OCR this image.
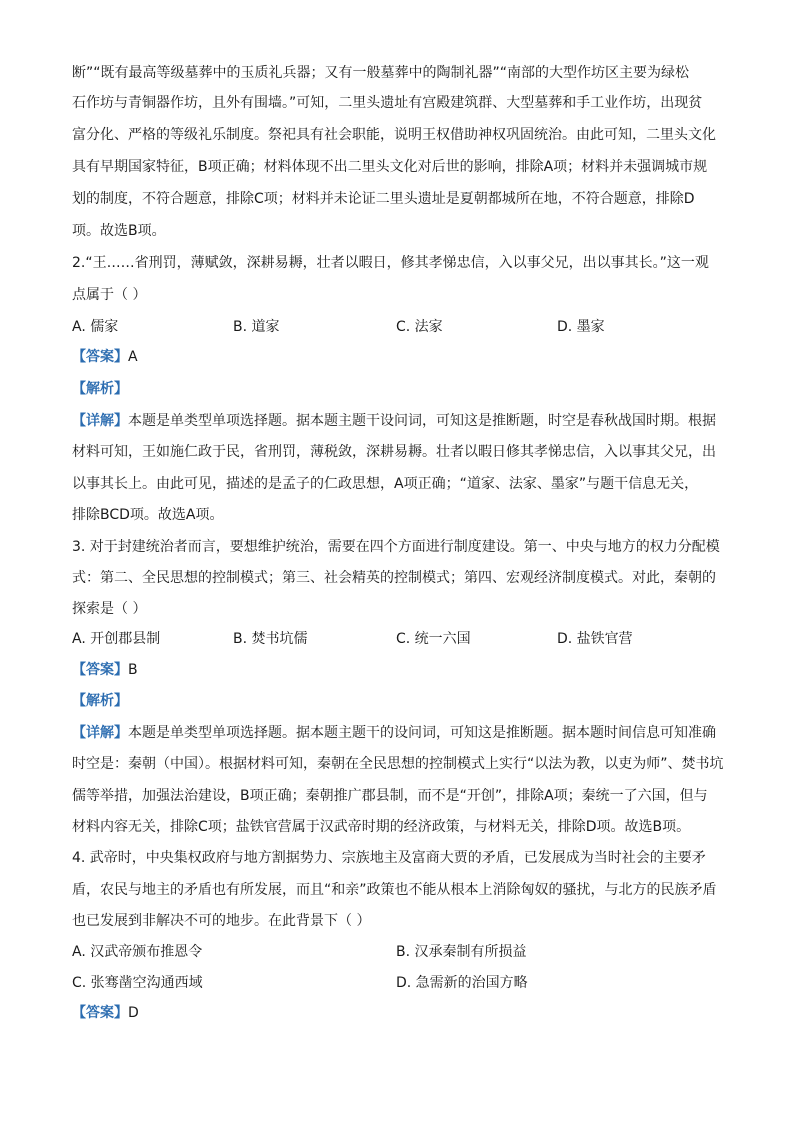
断”“既有最高等级墓葬中的玉质礼兵器；又有一般墓葬中的陶制礼器”“南部的大型作坊区主要为绿松
石作坊与青铜器作坊，且外有围墙。”可知，二里头遗址有宫殿建筑群、大型墓葬和手工业作坊，出现贫
富分化、严格的等级礼乐制度。祭祀具有社会职能，说明王权借助神权巩固统治。由此可知，二里头文化
具有早期国家特征，B项正确；材料体现不出二里头文化对后世的影响，排除A项；材料并未强调城市规
划的制度，不符合题意，排除C项；材料并未论证二里头遗址是夏朝都城所在地，不符合题意，排除D
项。故选B项。
2.“王……省刑罚，薄赋敛，深耕易耨，壮者以暇日，修其孝悌忠信，入以事父兄，出以事其长。”这一观
点属于（ ）
A. 儒家	B. 道家	C. 法家	D. 墨家
【答案】A
【解析】
【详解】本题是单类型单项选择题。据本题主题干设问词，可知这是推断题，时空是春秋战国时期。根据
材料可知，王如施仁政于民，省刑罚，薄税敛，深耕易耨。壮者以暇日修其孝悌忠信，入以事其父兄，出
以事其长上。由此可见，描述的是孟子的仁政思想，A项正确；“道家、法家、墨家”与题干信息无关，
排除BCD项。故选A项。
3. 对于封建统治者而言，要想维护统治，需要在四个方面进行制度建设。第一、中央与地方的权力分配模
式：第二、全民思想的控制模式；第三、社会精英的控制模式；第四、宏观经济制度模式。对此，秦朝的
探索是（ ）
A. 开创郡县制	B. 焚书坑儒	C. 统一六国	D. 盐铁官营
【答案】B
【解析】
【详解】本题是单类型单项选择题。据本题主题干的设问词，可知这是推断题。据本题时间信息可知准确
时空是：秦朝（中国）。根据材料可知，秦朝在全民思想的控制模式上实行“以法为教，以吏为师”、焚书坑
儒等举措，加强法治建设，B项正确；秦朝推广郡县制，而不是“开创”，排除A项；秦统一了六国，但与
材料内容无关，排除C项；盐铁官营属于汉武帝时期的经济政策，与材料无关，排除D项。故选B项。
4. 武帝时，中央集权政府与地方割据势力、宗族地主及富商大贾的矛盾，已发展成为当时社会的主要矛
盾，农民与地主的矛盾也有所发展，而且“和亲”政策也不能从根本上消除匈奴的骚扰，与北方的民族矛盾
也已发展到非解决不可的地步。在此背景下（ ）
A. 汉武帝颁布推恩令	B. 汉承秦制有所损益
C. 张骞凿空沟通西域	D. 急需新的治国方略
【答案】D
